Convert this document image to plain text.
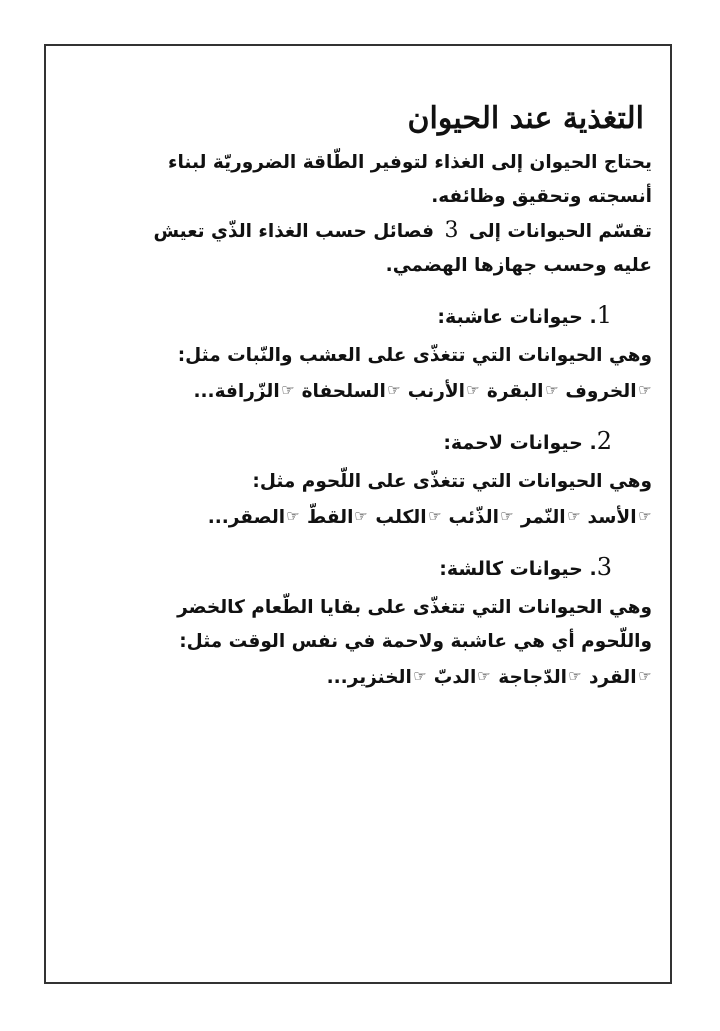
التغذية عند الحيوان

يحتاج الحيوان إلى الغذاء لتوفير الطّاقة الضروريّة لبناء

أنسجته وتحقيق وظائفه.

تقسّم الحيوانات إلى 3 فصائل حسب الغذاء الذّي تعيش

عليه وحسب جهازها الهضمي.

1. حيوانات عاشبة:

وهي الحيوانات التي تتغذّى على العشب والنّبات مثل:

☜الخروف ☜البقرة ☜الأرنب ☜السلحفاة ☜الزّرافة...

2. حيوانات لاحمة:

وهي الحيوانات التي تتغذّى على اللّحوم مثل:

☜الأسد ☜النّمر ☜الذّئب ☜الكلب ☜القطّ ☜الصقر...

3. حيوانات كالشة:

وهي الحيوانات التي تتغذّى على بقايا الطّعام كالخضر

واللّحوم أي هي عاشبة ولاحمة في نفس الوقت مثل:

☜القرد ☜الدّجاجة ☜الدبّ ☜الخنزير...
